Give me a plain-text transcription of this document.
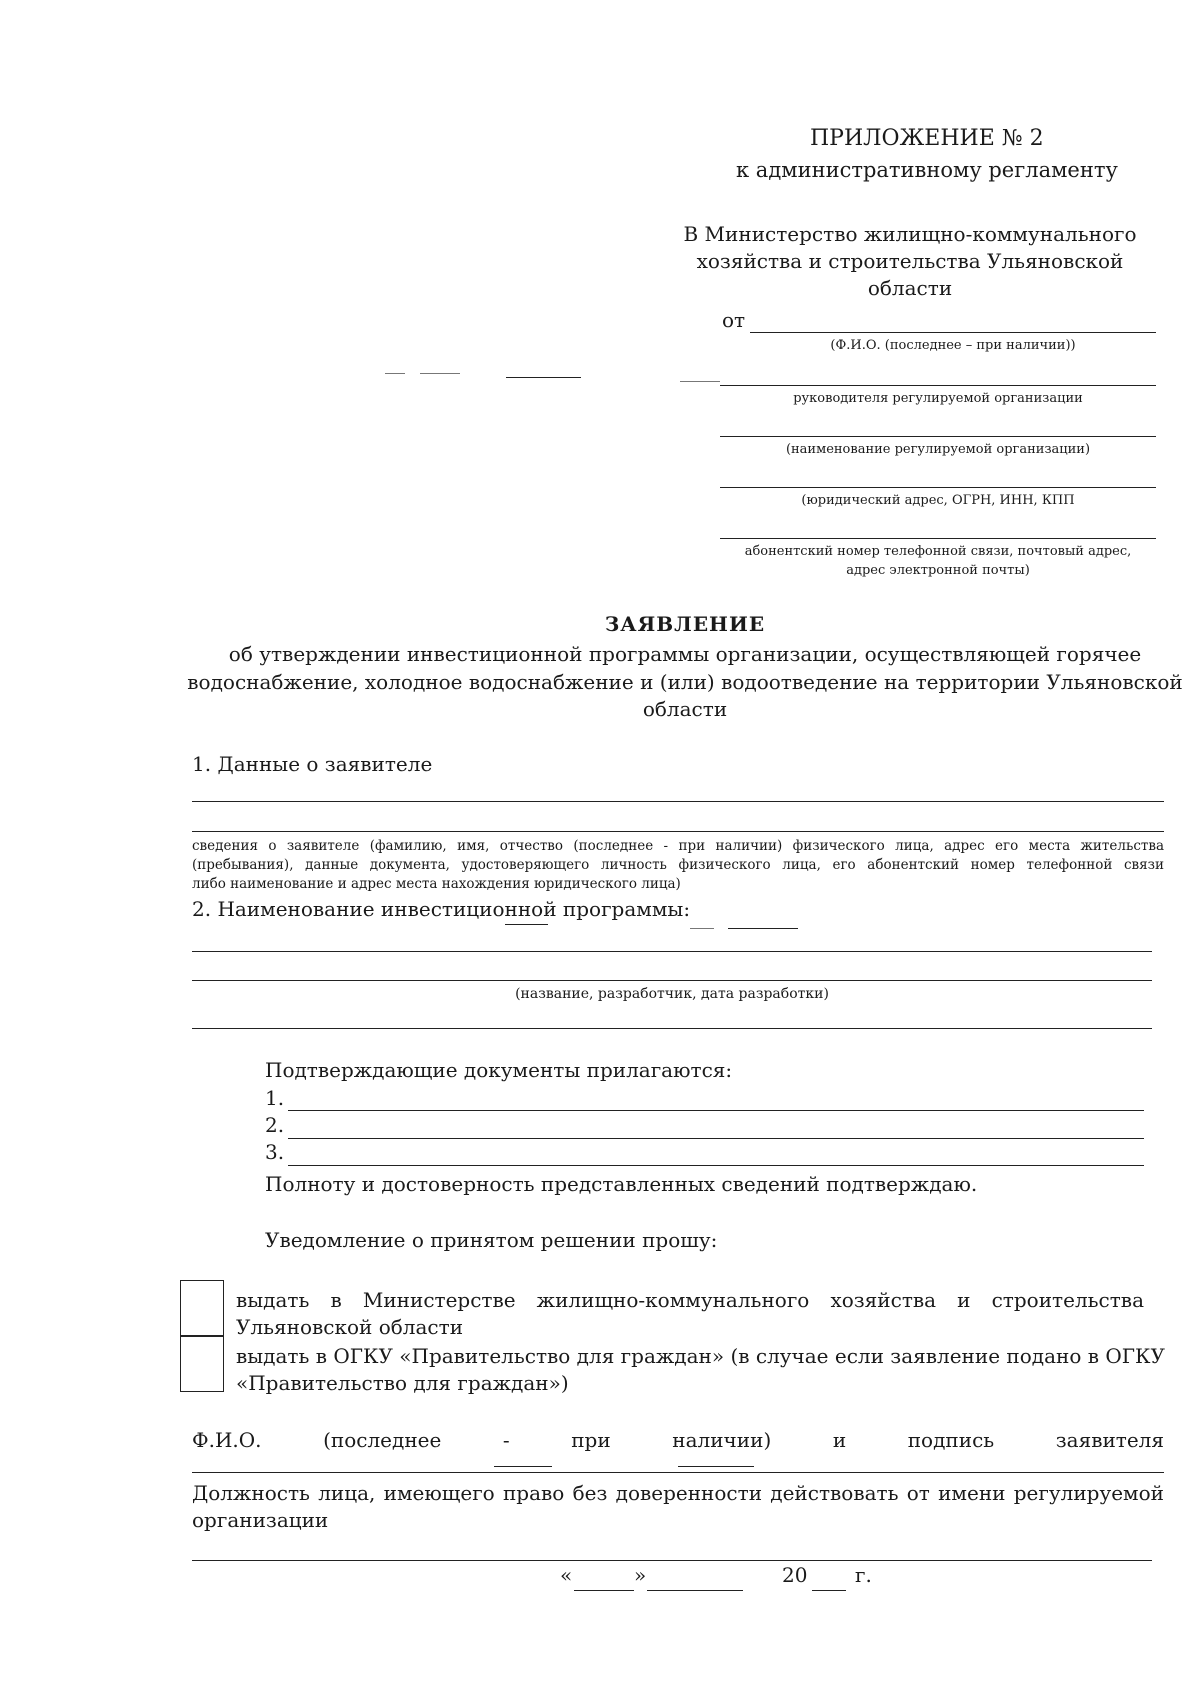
ПРИЛОЖЕНИЕ № 2
к административному регламенту
В Министерство жилищно-коммунального
хозяйства и строительства Ульяновской
области
от
(Ф.И.О. (последнее – при наличии))
руководителя регулируемой организации
(наименование регулируемой организации)
(юридический адрес, ОГРН, ИНН, КПП
абонентский номер телефонной связи, почтовый адрес,
адрес электронной почты)
ЗАЯВЛЕНИЕ
об утверждении инвестиционной программы организации, осуществляющей горячее
водоснабжение, холодное водоснабжение и (или) водоотведение на территории Ульяновской
области
1. Данные о заявителе
сведения о заявителе (фамилию, имя, отчество (последнее - при наличии) физического лица, адрес его места жительства
(пребывания), данные документа, удостоверяющего личность физического лица, его абонентский номер телефонной связи
либо наименование и адрес места нахождения юридического лица)
2. Наименование инвестиционной программы:
(название, разработчик, дата разработки)
Подтверждающие документы прилагаются:
1.
2.
3.
Полноту и достоверность представленных сведений подтверждаю.
Уведомление о принятом решении прошу:
выдать в Министерстве жилищно-коммунального хозяйства и строительства
Ульяновской области
выдать в ОГКУ «Правительство для граждан» (в случае если заявление подано в ОГКУ
«Правительство для граждан»)
Ф.И.О. (последнее - при наличии) и подпись заявителя
Должность лица, имеющего право без доверенности действовать от имени регулируемой
организации
«	»	20 г.
